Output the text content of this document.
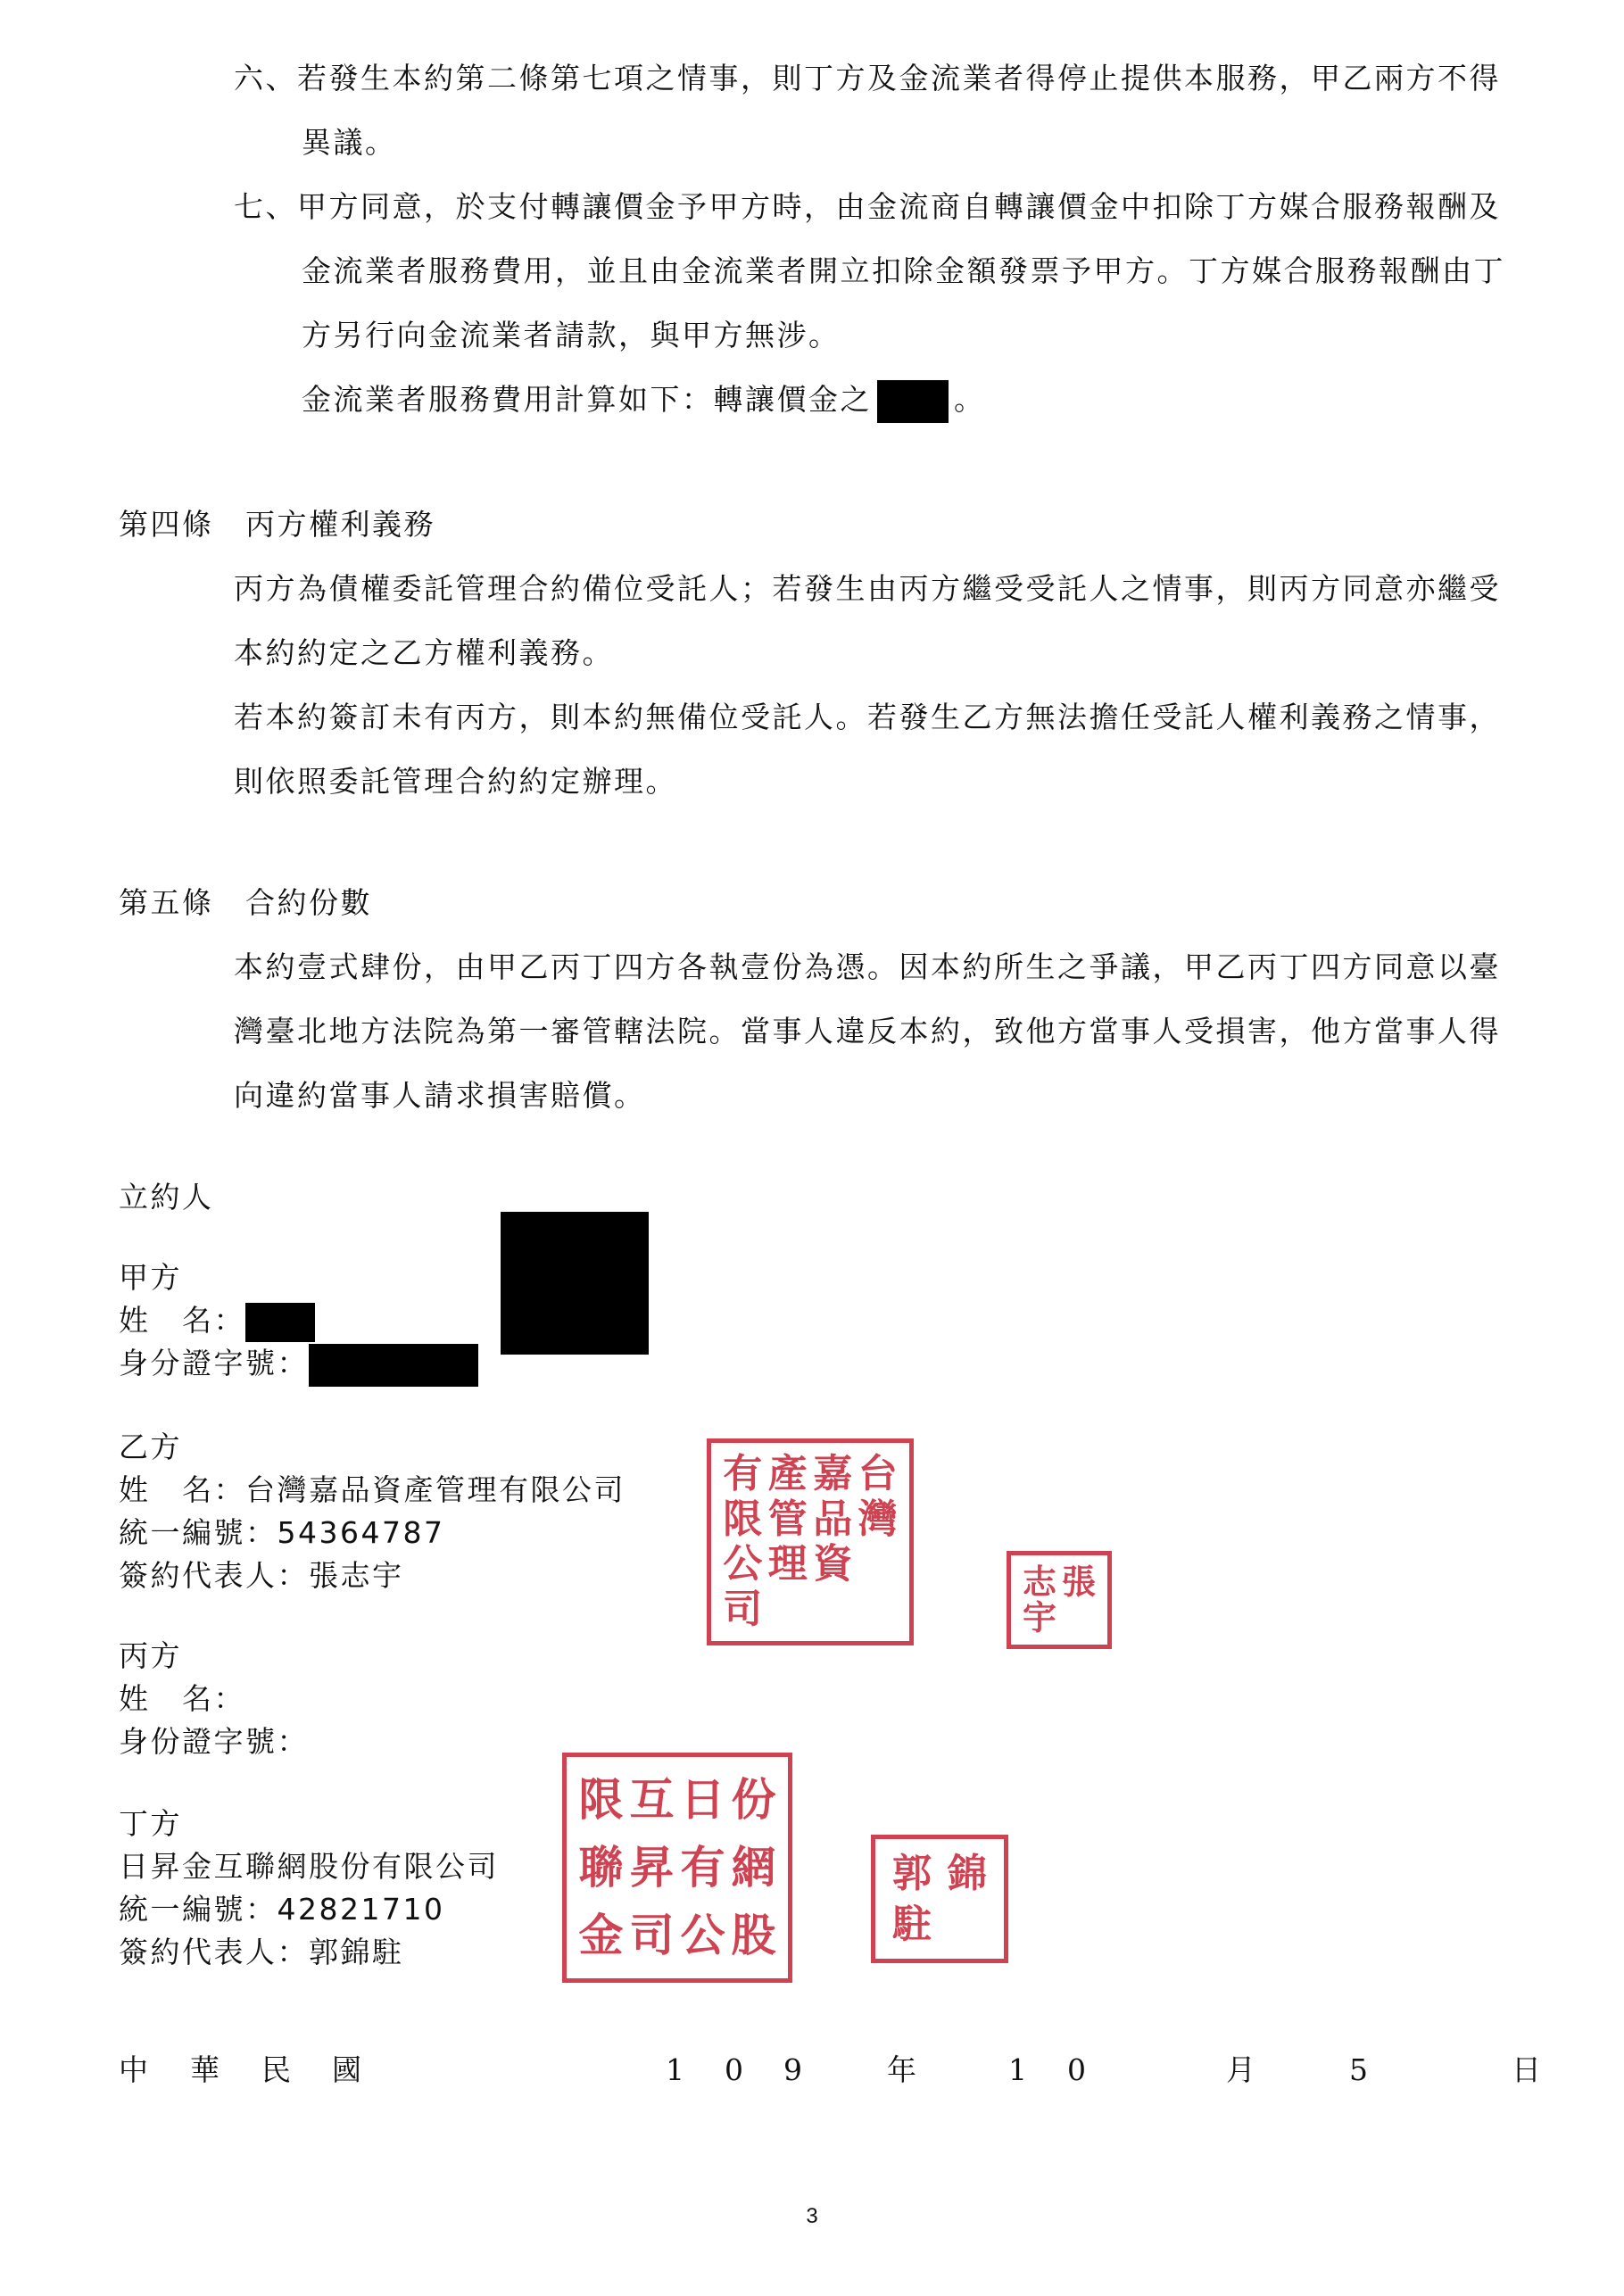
六、若發生本約第二條第七項之情事，則丁方及金流業者得停止提供本服務，甲乙兩方不得
異議。
七、甲方同意，於支付轉讓價金予甲方時，由金流商自轉讓價金中扣除丁方媒合服務報酬及
金流業者服務費用，並且由金流業者開立扣除金額發票予甲方。丁方媒合服務報酬由丁
方另行向金流業者請款，與甲方無涉。
金流業者服務費用計算如下：轉讓價金之	。
第四條　丙方權利義務
丙方為債權委託管理合約備位受託人；若發生由丙方繼受受託人之情事，則丙方同意亦繼受
本約約定之乙方權利義務。
若本約簽訂未有丙方，則本約無備位受託人。若發生乙方無法擔任受託人權利義務之情事，
則依照委託管理合約約定辦理。
第五條　合約份數
本約壹式肆份，由甲乙丙丁四方各執壹份為憑。因本約所生之爭議，甲乙丙丁四方同意以臺
灣臺北地方法院為第一審管轄法院。當事人違反本約，致他方當事人受損害，他方當事人得
向違約當事人請求損害賠償。
立約人
甲方
姓　名：
身分證字號：
乙方
姓　名：台灣嘉品資產管理有限公司
統一編號：54364787
簽約代表人：張志宇
有 產 嘉 台
限 管 品 灣
公 理 資
司
志 張
宇
丙方
姓　名：
身份證字號：
丁方
日昇金互聯網股份有限公司
統一編號：42821710
簽約代表人：郭錦駐
限 互 日 份
聯 昇 有 網
金 司 公 股
郭 錦
駐
中 華 民 國	1 0 9	年	1 0	月	5	日
3
